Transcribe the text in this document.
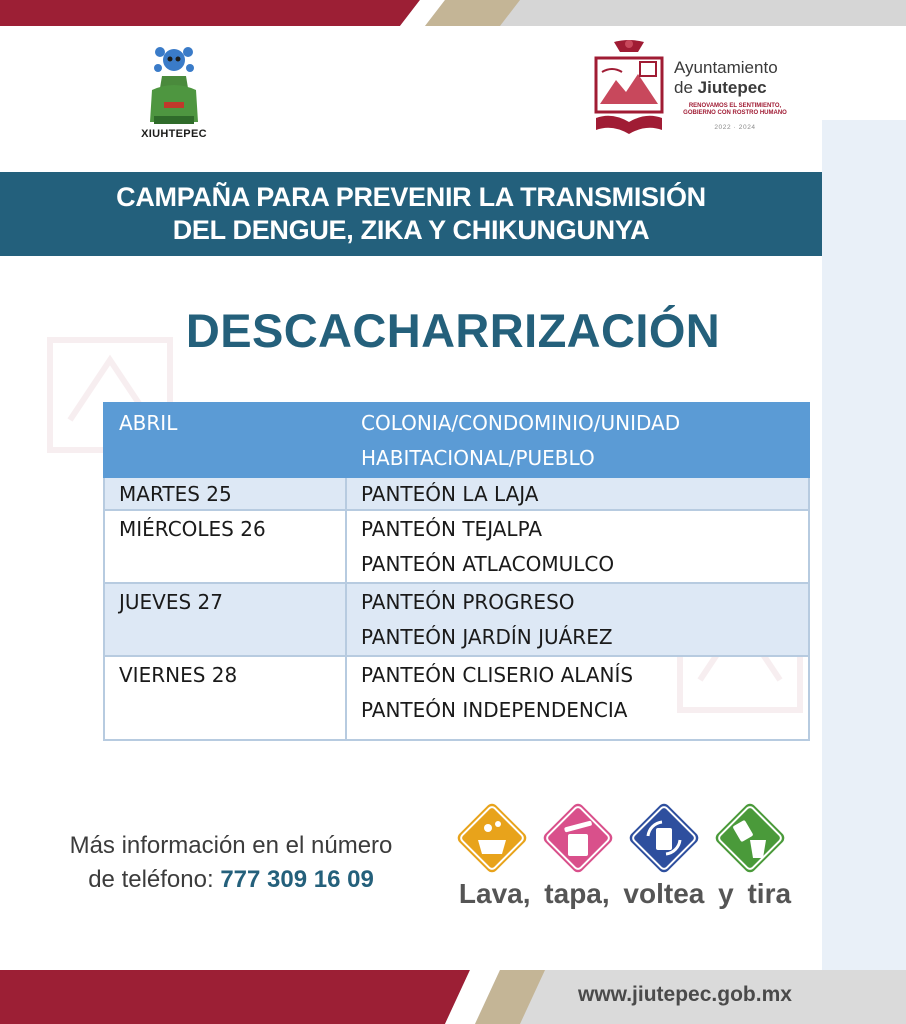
XIUHTEPEC
Ayuntamiento
de Jiutepec
RENOVAMOS EL SENTIMIENTO,
GOBIERNO CON ROSTRO HUMANO
2022 · 2024
CAMPAÑA PARA PREVENIR LA TRANSMISIÓN
DEL DENGUE, ZIKA Y CHIKUNGUNYA
DESCACHARRIZACIÓN
ABRIL	COLONIA/CONDOMINIO/UNIDAD
HABITACIONAL/PUEBLO

MARTES 25	PANTEÓN LA LAJA

MIÉRCOLES 26	PANTEÓN TEJALPA
PANTEÓN ATLACOMULCO

JUEVES 27	PANTEÓN PROGRESO
PANTEÓN JARDÍN JUÁREZ

VIERNES 28	PANTEÓN CLISERIO ALANÍS
PANTEÓN INDEPENDENCIA
Más información en el número
de teléfono: 777 309 16 09	Lava, tapa, voltea y tira
www.jiutepec.gob.mx
